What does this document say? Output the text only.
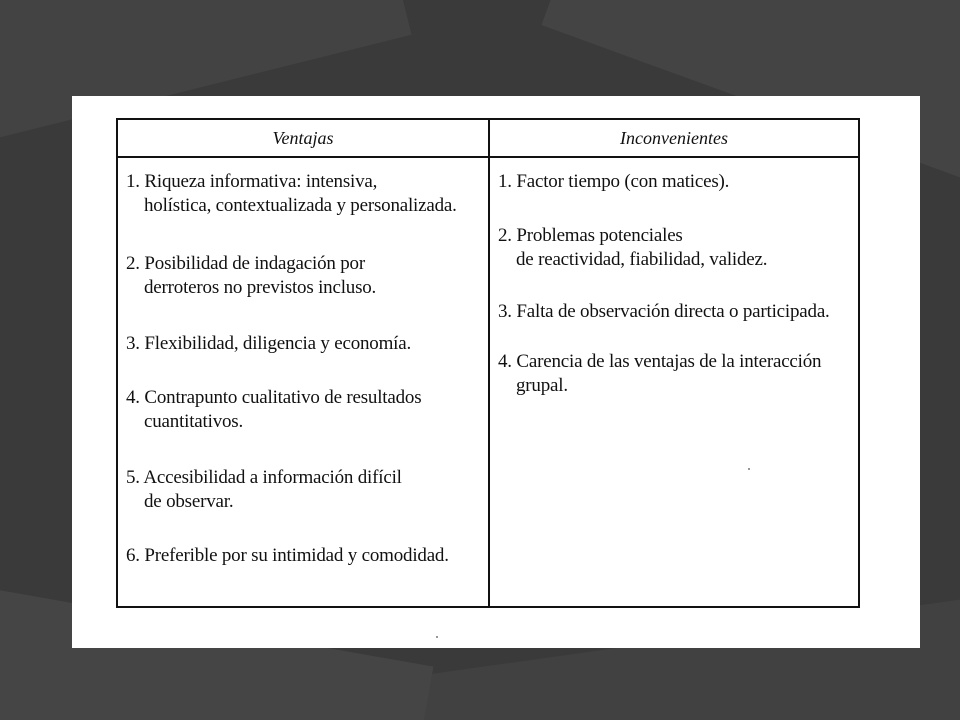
Ventajas	Inconvenientes
1. Riqueza informativa: intensiva,
holística, contextualizada y personalizada.
2. Posibilidad de indagación por
derroteros no previstos incluso.
3. Flexibilidad, diligencia y economía.
4. Contrapunto cualitativo de resultados
cuantitativos.
5. Accesibilidad a información difícil
de observar.
6. Preferible por su intimidad y comodidad.
1. Factor tiempo (con matices).
2. Problemas potenciales
de reactividad, fiabilidad, validez.
3. Falta de observación directa o participada.
4. Carencia de las ventajas de la interacción
grupal.
